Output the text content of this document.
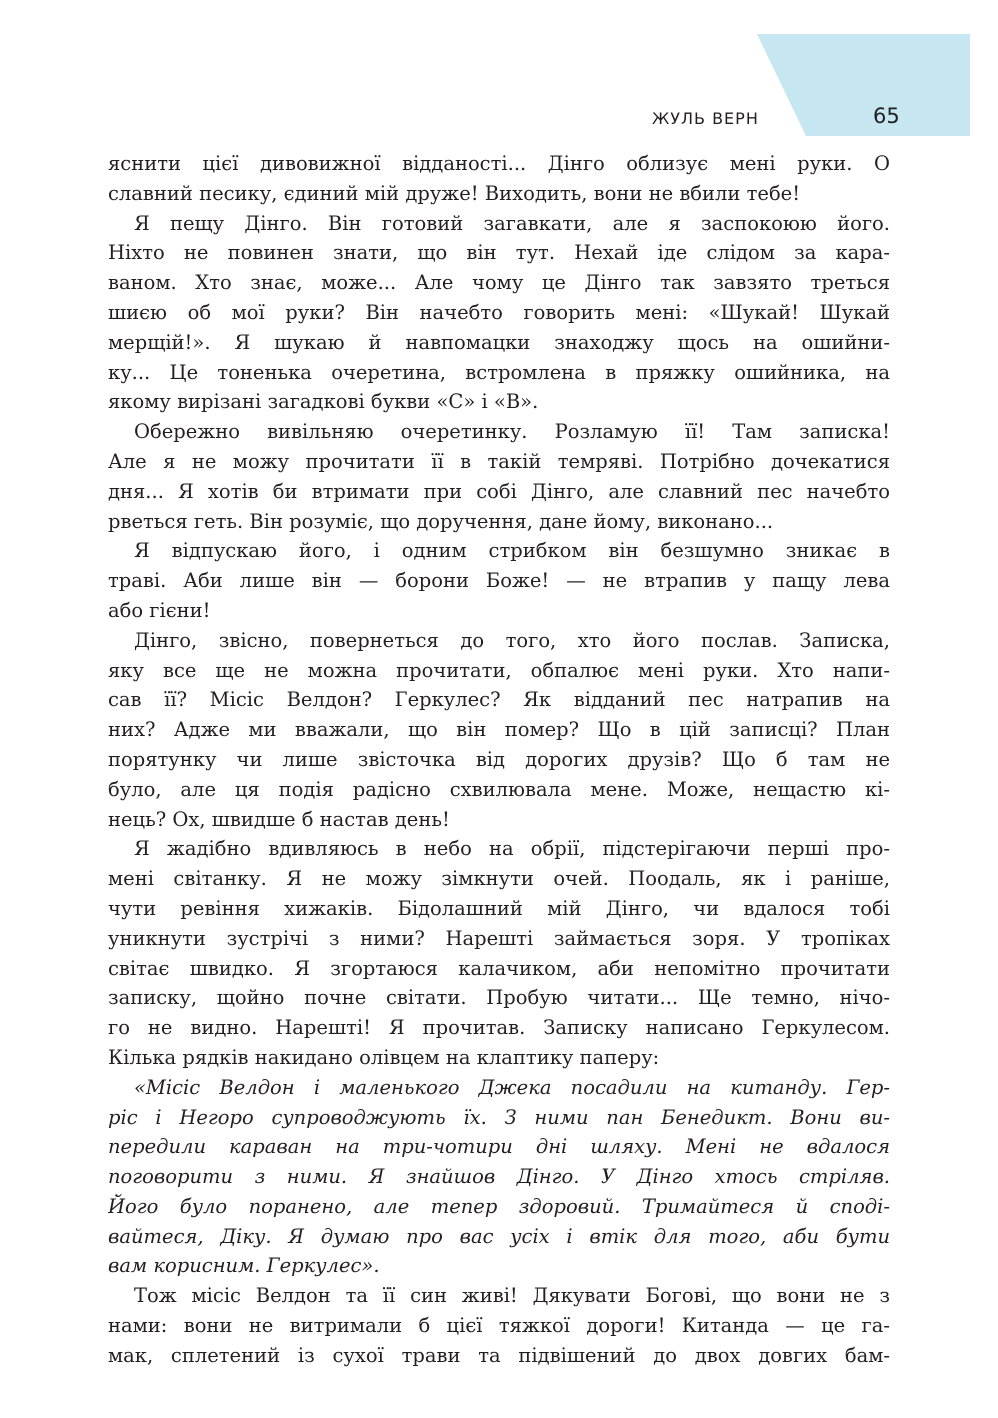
ЖУЛЬ ВЕРН	65
яснити цієї дивовижної відданості... Дінго облизує мені руки. О
славний песику, єдиний мій друже! Виходить, вони не вбили тебе!
Я пещу Дінго. Він готовий загавкати, але я заспокоюю його.
Ніхто не повинен знати, що він тут. Нехай іде слідом за кара-
ваном. Хто знає, може... Але чому це Дінго так завзято треться
шиєю об мої руки? Він начебто говорить мені: «Шукай! Шукай
мерщій!». Я шукаю й навпомацки знаходжу щось на ошийни-
ку... Це тоненька очеретина, встромлена в пряжку ошийника, на
якому вирізані загадкові букви «С» і «В».
Обережно вивільняю очеретинку. Розламую її! Там записка!
Але я не можу прочитати її в такій темряві. Потрібно дочекатися
дня... Я хотів би втримати при собі Дінго, але славний пес начебто
рветься геть. Він розуміє, що доручення, дане йому, виконано...
Я відпускаю його, і одним стрибком він безшумно зникає в
траві. Аби лише він — борони Боже! — не втрапив у пащу лева
або гієни!
Дінго, звісно, повернеться до того, хто його послав. Записка,
яку все ще не можна прочитати, обпалює мені руки. Хто напи-
сав її? Місіс Велдон? Геркулес? Як відданий пес натрапив на
них? Адже ми вважали, що він помер? Що в цій записці? План
порятунку чи лише звісточка від дорогих друзів? Що б там не
було, але ця подія радісно схвилювала мене. Може, нещастю кі-
нець? Ох, швидше б настав день!
Я жадібно вдивляюсь в небо на обрії, підстерігаючи перші про-
мені світанку. Я не можу зімкнути очей. Поодаль, як і раніше,
чути ревіння хижаків. Бідолашний мій Дінго, чи вдалося тобі
уникнути зустрічі з ними? Нарешті займається зоря. У тропіках
світає швидко. Я згортаюся калачиком, аби непомітно прочитати
записку, щойно почне світати. Пробую читати... Ще темно, нічо-
го не видно. Нарешті! Я прочитав. Записку написано Геркулесом.
Кілька рядків накидано олівцем на клаптику паперу:
«Місіс Велдон і маленького Джека посадили на китанду. Гер-
ріс і Негоро супроводжують їх. З ними пан Бенедикт. Вони ви-
передили караван на три-чотири дні шляху. Мені не вдалося
поговорити з ними. Я знайшов Дінго. У Дінго хтось стріляв.
Його було поранено, але тепер здоровий. Тримайтеся й сподi-
вайтеся, Діку. Я думаю про вас усіх і втік для того, аби бути
вам корисним. Геркулес».
Тож місіс Велдон та її син живі! Дякувати Богові, що вони не з
нами: вони не витримали б цієї тяжкої дороги! Китанда — це га-
мак, сплетений із сухої трави та підвішений до двох довгих бам-
